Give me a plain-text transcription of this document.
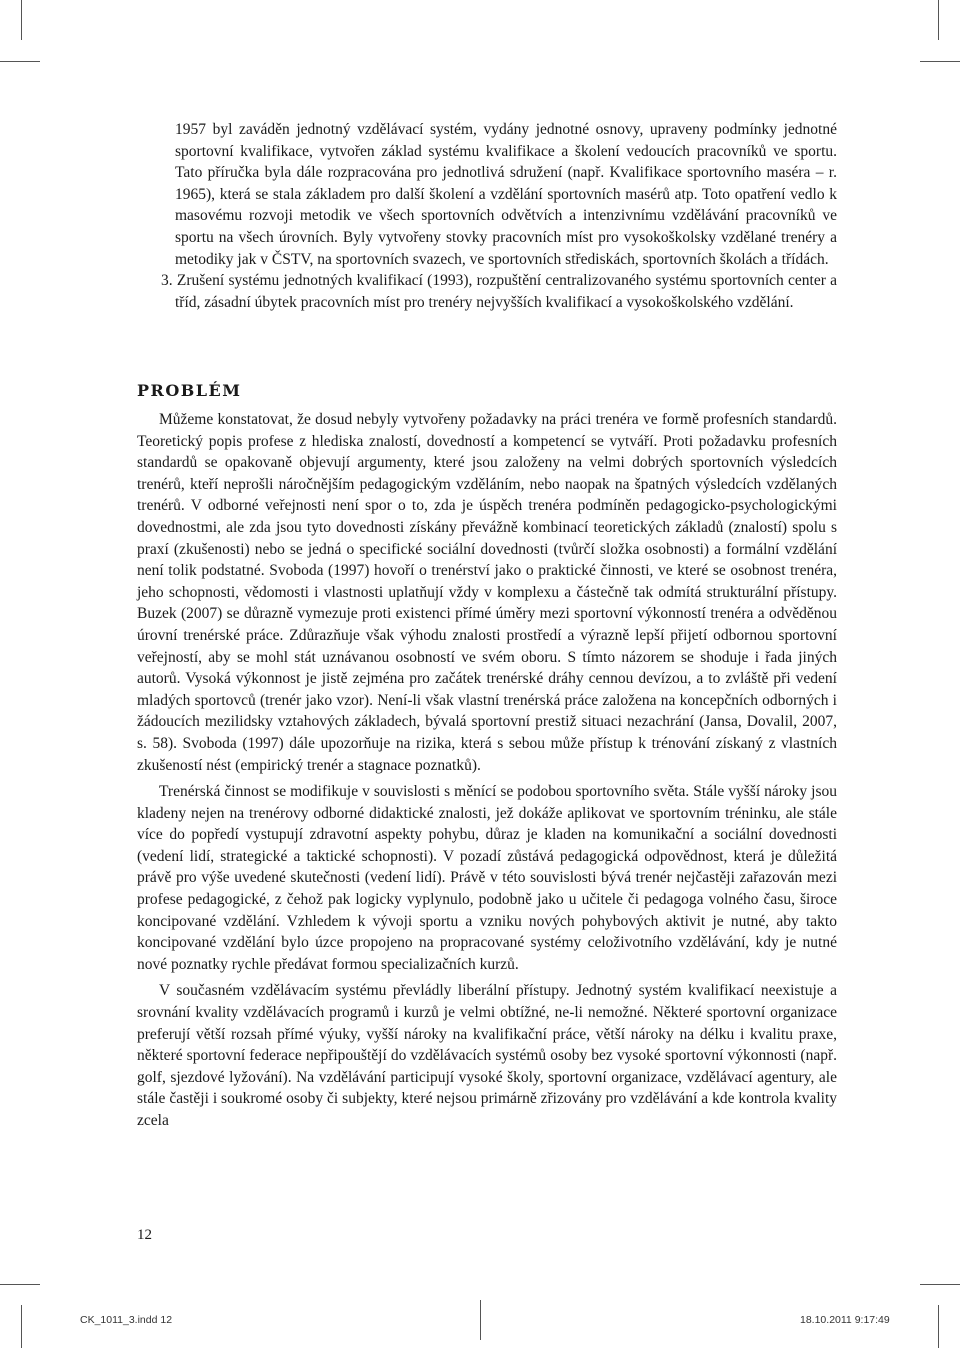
1957 byl zaváděn jednotný vzdělávací systém, vydány jednotné osnovy, upraveny podmínky jednotné sportovní kvalifikace, vytvořen základ systému kvalifikace a školení vedoucích pracovníků ve sportu. Tato příručka byla dále rozpracována pro jednotlivá sdružení (např. Kvalifikace sportovního maséra – r. 1965), která se stala základem pro další školení a vzdělání sportovních masérů atp. Toto opatření vedlo k masovému rozvoji metodik ve všech sportovních odvětvích a intenzivnímu vzdělávání pracovníků ve sportu na všech úrovních. Byly vytvořeny stovky pracovních míst pro vysokoškolsky vzdělané trenéry a metodiky jak v ČSTV, na sportovních svazech, ve sportovních střediskách, sportovních školách a třídách.

3. Zrušení systému jednotných kvalifikací (1993), rozpuštění centralizovaného systému sportovních center a tříd, zásadní úbytek pracovních míst pro trenéry nejvyšších kvalifikací a vysokoškolského vzdělání.

PROBLÉM

Můžeme konstatovat, že dosud nebyly vytvořeny požadavky na práci trenéra ve formě profesních standardů. Teoretický popis profese z hlediska znalostí, dovedností a kompetencí se vytváří. Proti požadavku profesních standardů se opakovaně objevují argumenty, které jsou založeny na velmi dobrých sportovních výsledcích trenérů, kteří neprošli náročnějším pedagogickým vzděláním, nebo naopak na špatných výsledcích vzdělaných trenérů. V odborné veřejnosti není spor o to, zda je úspěch trenéra podmíněn pedagogicko-psychologickými dovednostmi, ale zda jsou tyto dovednosti získány převážně kombinací teoretických základů (znalostí) spolu s praxí (zkušenosti) nebo se jedná o specifické sociální dovednosti (tvůrčí složka osobnosti) a formální vzdělání není tolik podstatné. Svoboda (1997) hovoří o trenérství jako o praktické činnosti, ve které se osobnost trenéra, jeho schopnosti, vědomosti i vlastnosti uplatňují vždy v komplexu a částečně tak odmítá strukturální přístupy. Buzek (2007) se důrazně vymezuje proti existenci přímé úměry mezi sportovní výkonností trenéra a odvěděnou úrovní trenérské práce. Zdůrazňuje však výhodu znalosti prostředí a výrazně lepší přijetí odbornou sportovní veřejností, aby se mohl stát uznávanou osobností ve svém oboru. S tímto názorem se shoduje i řada jiných autorů. Vysoká výkonnost je jistě zejména pro začátek trenérské dráhy cennou devízou, a to zvláště při vedení mladých sportovců (trenér jako vzor). Není-li však vlastní trenérská práce založena na koncepčních odborných i žádoucích mezilidsky vztahových základech, bývalá sportovní prestiž situaci nezachrání (Jansa, Dovalil, 2007, s. 58). Svoboda (1997) dále upozorňuje na rizika, která s sebou může přístup k trénování získaný z vlastních zkušeností nést (empirický trenér a stagnace poznatků).

Trenérská činnost se modifikuje v souvislosti s měnící se podobou sportovního světa. Stále vyšší nároky jsou kladeny nejen na trenérovy odborné didaktické znalosti, jež dokáže aplikovat ve sportovním tréninku, ale stále více do popředí vystupují zdravotní aspekty pohybu, důraz je kladen na komunikační a sociální dovednosti (vedení lidí, strategické a taktické schopnosti). V pozadí zůstává pedagogická odpovědnost, která je důležitá právě pro výše uvedené skutečnosti (vedení lidí). Právě v této souvislosti bývá trenér nejčastěji zařazován mezi profese pedagogické, z čehož pak logicky vyplynulo, podobně jako u učitele či pedagoga volného času, široce koncipované vzdělání. Vzhledem k vývoji sportu a vzniku nových pohybových aktivit je nutné, aby takto koncipované vzdělání bylo úzce propojeno na propracované systémy celoživotního vzdělávání, kdy je nutné nové poznatky rychle předávat formou specializačních kurzů.

V současném vzdělávacím systému převládly liberální přístupy. Jednotný systém kvalifikací neexistuje a srovnání kvality vzdělávacích programů i kurzů je velmi obtížné, ne-li nemožné. Některé sportovní organizace preferují větší rozsah přímé výuky, vyšší nároky na kvalifikační práce, větší nároky na délku i kvalitu praxe, některé sportovní federace nepřipouštějí do vzdělávacích systémů osoby bez vysoké sportovní výkonnosti (např. golf, sjezdové lyžování). Na vzdělávání participují vysoké školy, sportovní organizace, vzdělávací agentury, ale stále častěji i soukromé osoby či subjekty, které nejsou primárně zřizovány pro vzdělávání a kde kontrola kvality zcela

12
CK_1011_3.indd 12	18.10.2011 9:17:49
